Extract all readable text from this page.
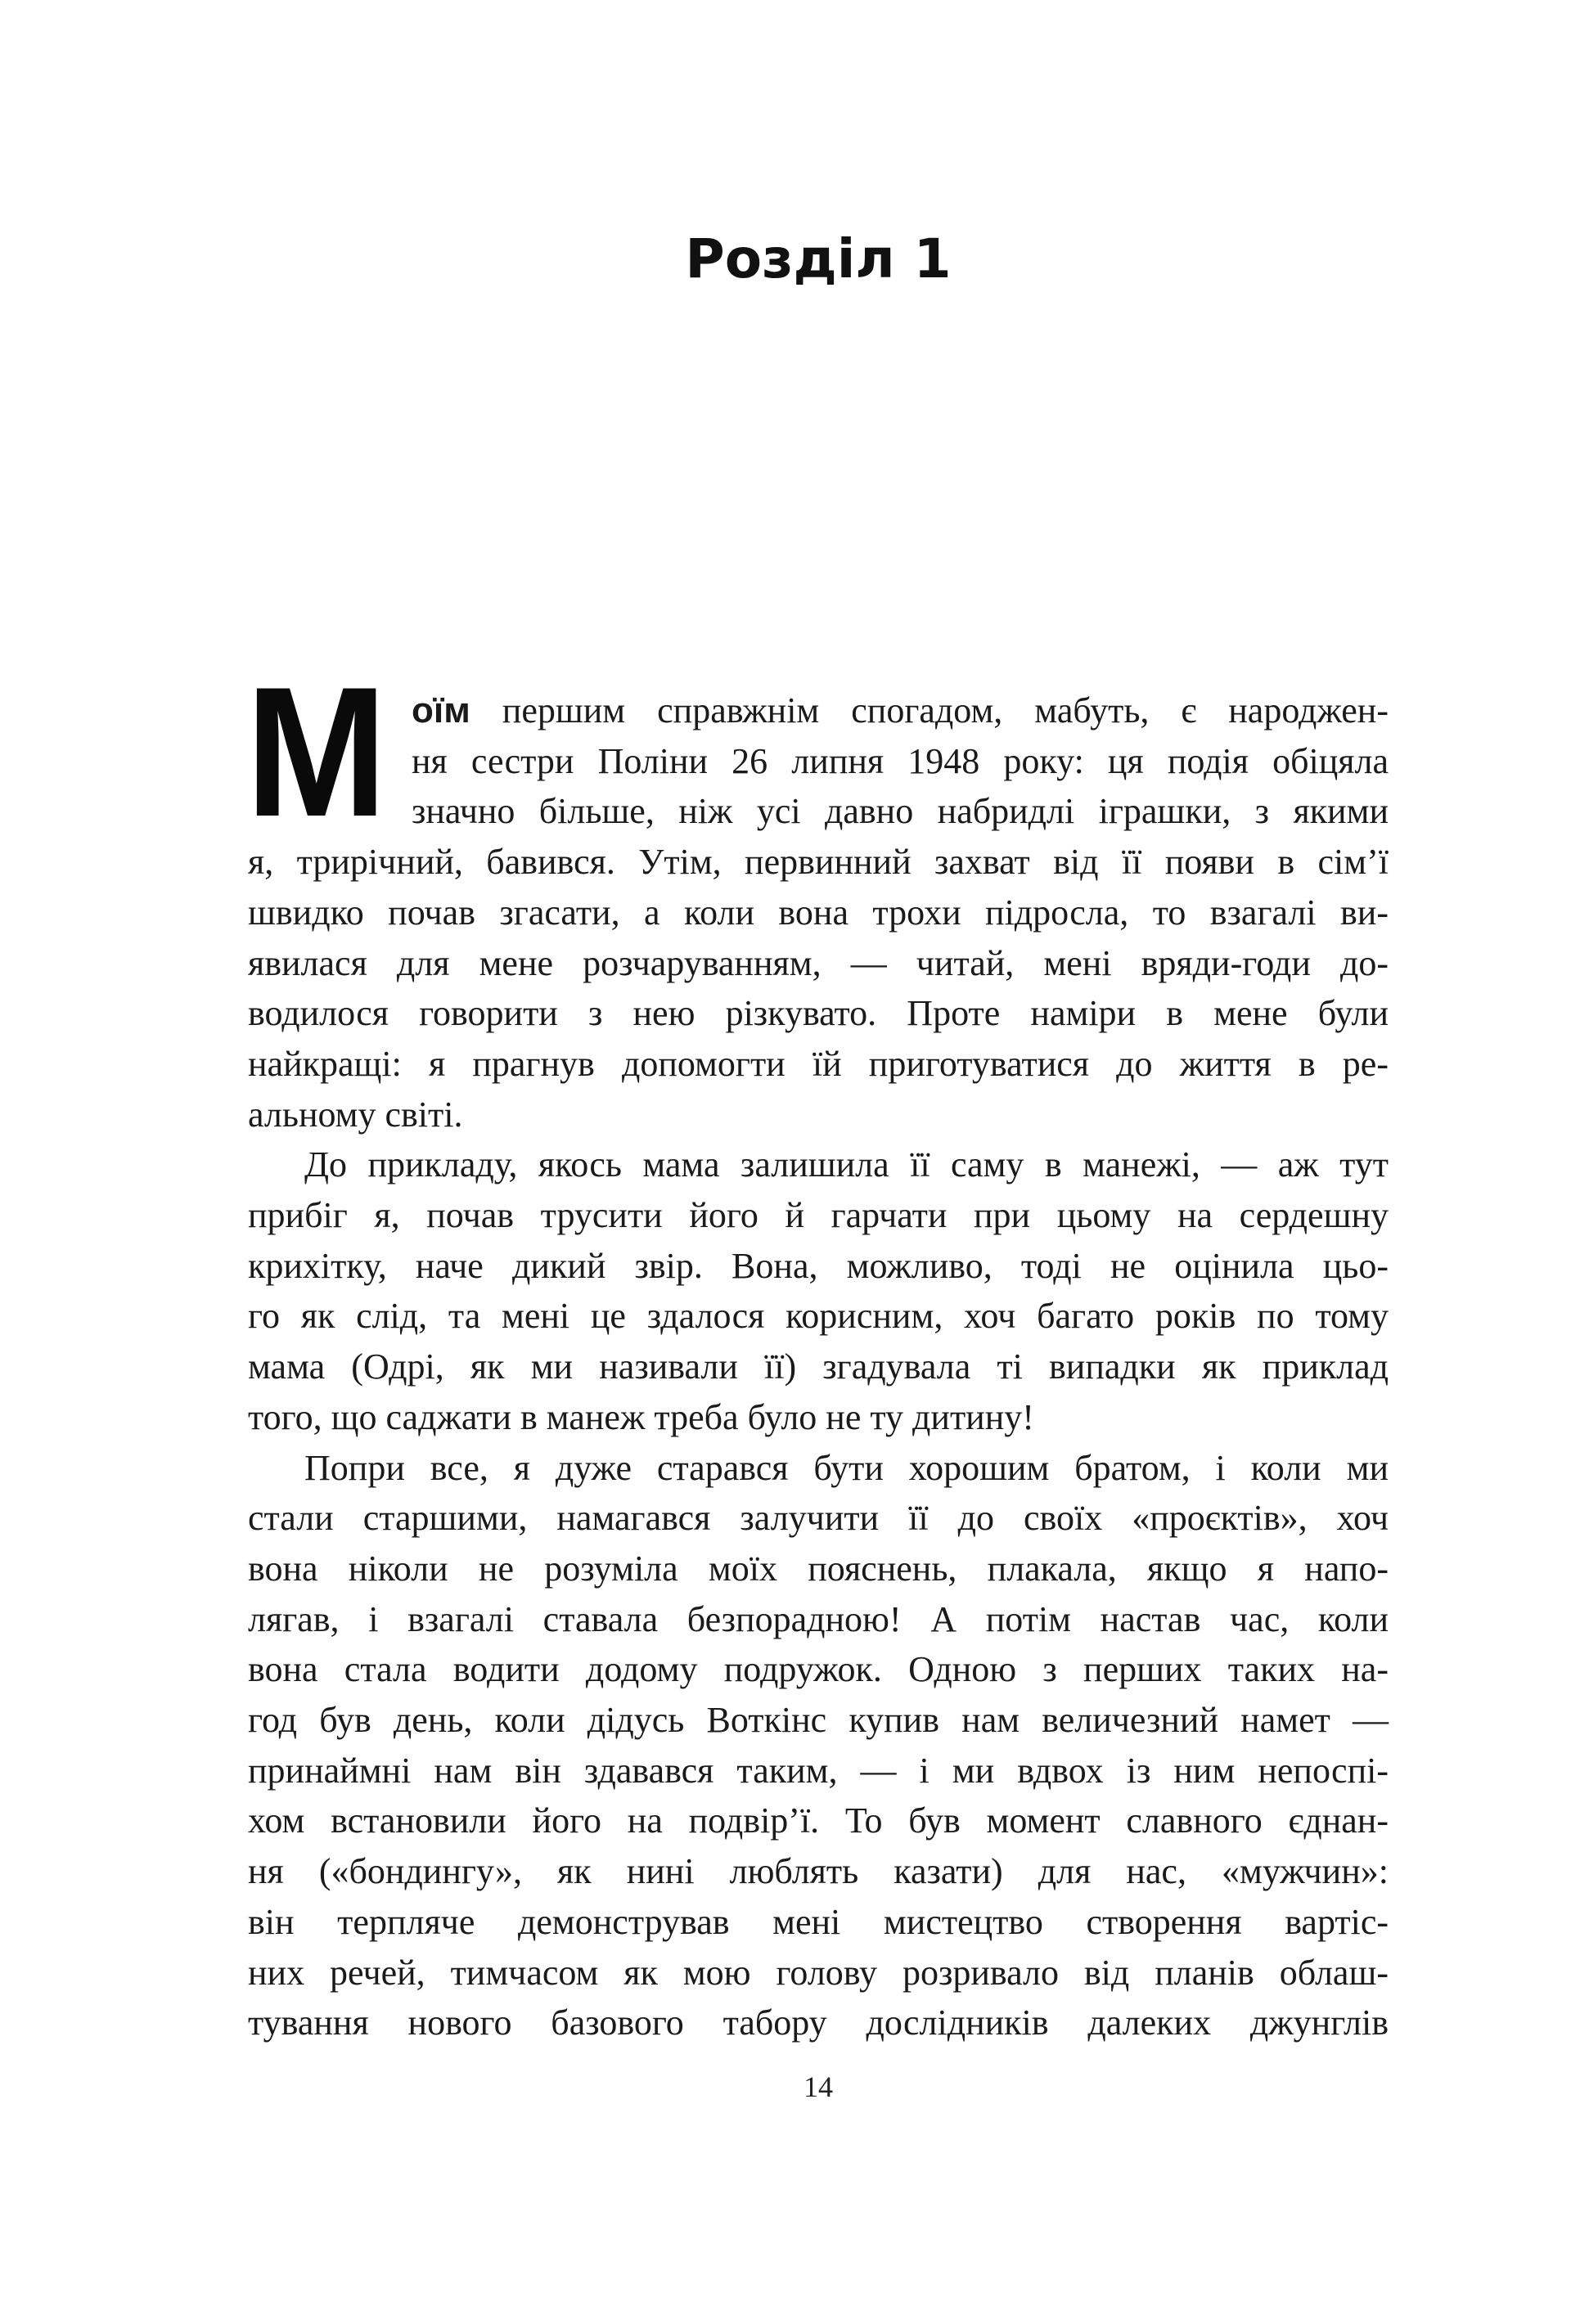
Розділ 1
М оїм першим справжнім спогадом, мабуть, є народжен-
ня сестри Поліни 26 липня 1948 року: ця подія обіцяла
значно більше, ніж усі давно набридлі іграшки, з якими
я, трирічний, бавився. Утім, первинний захват від її появи в сім’ї
швидко почав згасати, а коли вона трохи підросла, то взагалі ви-
явилася для мене розчаруванням, — читай, мені вряди-годи до-
водилося говорити з нею різкувато. Проте наміри в мене були
найкращі: я прагнув допомогти їй приготуватися до життя в ре-
альному світі.
До прикладу, якось мама залишила її саму в манежі, — аж тут
прибіг я, почав трусити його й гарчати при цьому на сердешну
крихітку, наче дикий звір. Вона, можливо, тоді не оцінила цьо-
го як слід, та мені це здалося корисним, хоч багато років по тому
мама (Одрі, як ми називали її) згадувала ті випадки як приклад
того, що саджати в манеж треба було не ту дитину!
Попри все, я дуже старався бути хорошим братом, і коли ми
стали старшими, намагався залучити її до своїх «проєктів», хоч
вона ніколи не розуміла моїх пояснень, плакала, якщо я напо-
лягав, і взагалі ставала безпорадною! А потім настав час, коли
вона стала водити додому подружок. Одною з перших таких на-
год був день, коли дідусь Воткінс купив нам величезний намет —
принаймні нам він здавався таким, — і ми вдвох із ним непоспі-
хом встановили його на подвір’ї. То був момент славного єднан-
ня («бондингу», як нині люблять казати) для нас, «мужчин»:
він терпляче демонстрував мені мистецтво створення вартіс-
них речей, тимчасом як мою голову розривало від планів облаш-
тування нового базового табору дослідників далеких джунглів
14
